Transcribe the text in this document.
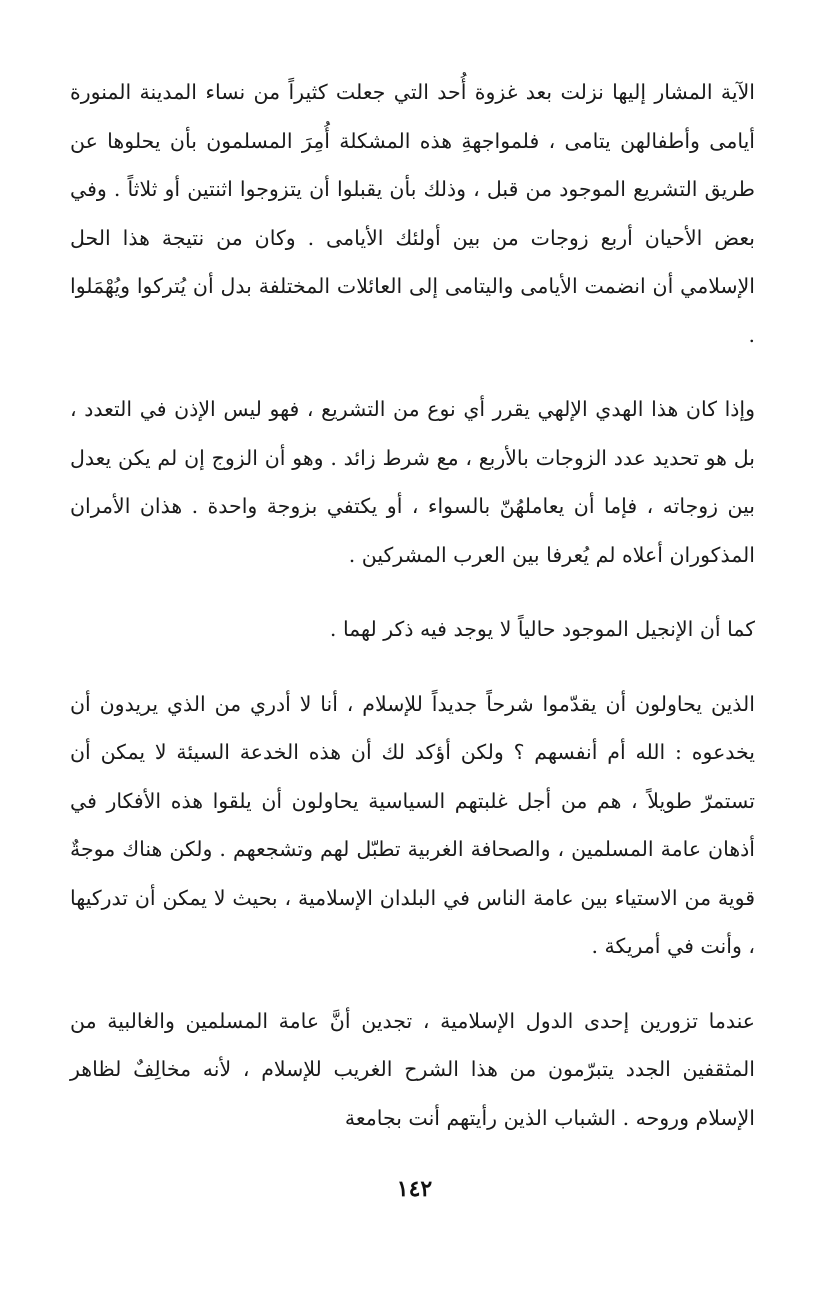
الآية المشار إليها نزلت بعد غزوة أُحد التي جعلت كثيراً من نساء المدينة المنورة أيامى وأطفالهن يتامى ، فلمواجهةِ هذه المشكلة أُمِرَ المسلمون بأن يحلوها عن طريق التشريع الموجود من قبل ، وذلك بأن يقبلوا أن يتزوجوا اثنتين أو ثلاثاً . وفي بعض الأحيان أربع زوجات من بين أولئك الأيامى . وكان من نتيجة هذا الحل الإسلامي أن انضمت الأيامى واليتامى إلى العائلات المختلفة بدل أن يُتركوا ويُهْمَلوا .

وإذا كان هذا الهدي الإلهي يقرر أي نوع من التشريع ، فهو ليس الإذن في التعدد ، بل هو تحديد عدد الزوجات بالأربع ، مع شرط زائد . وهو أن الزوج إن لم يكن يعدل بين زوجاته ، فإما أن يعاملهُنّ بالسواء ، أو يكتفي بزوجة واحدة . هذان الأمران المذكوران أعلاه لم يُعرفا بين العرب المشركين .

كما أن الإنجيل الموجود حالياً لا يوجد فيه ذكر لهما .

الذين يحاولون أن يقدّموا شرحاً جديداً للإسلام ، أنا لا أدري من الذي يريدون أن يخدعوه : الله أم أنفسهم ؟ ولكن أؤكد لك أن هذه الخدعة السيئة لا يمكن أن تستمرّ طويلاً ، هم من أجل غلبتهم السياسية يحاولون أن يلقوا هذه الأفكار في أذهان عامة المسلمين ، والصحافة الغربية تطبّل لهم وتشجعهم . ولكن هناك موجةٌ قوية من الاستياء بين عامة الناس في البلدان الإسلامية ، بحيث لا يمكن أن تدركيها ، وأنت في أمريكة .

عندما تزورين إحدى الدول الإسلامية ، تجدين أنَّ عامة المسلمين والغالبية من المثقفين الجدد يتبرّمون من هذا الشرح الغريب للإسلام ، لأنه مخالِفٌ لظاهر الإسلام وروحه . الشباب الذين رأيتهم أنت بجامعة

١٤٢
